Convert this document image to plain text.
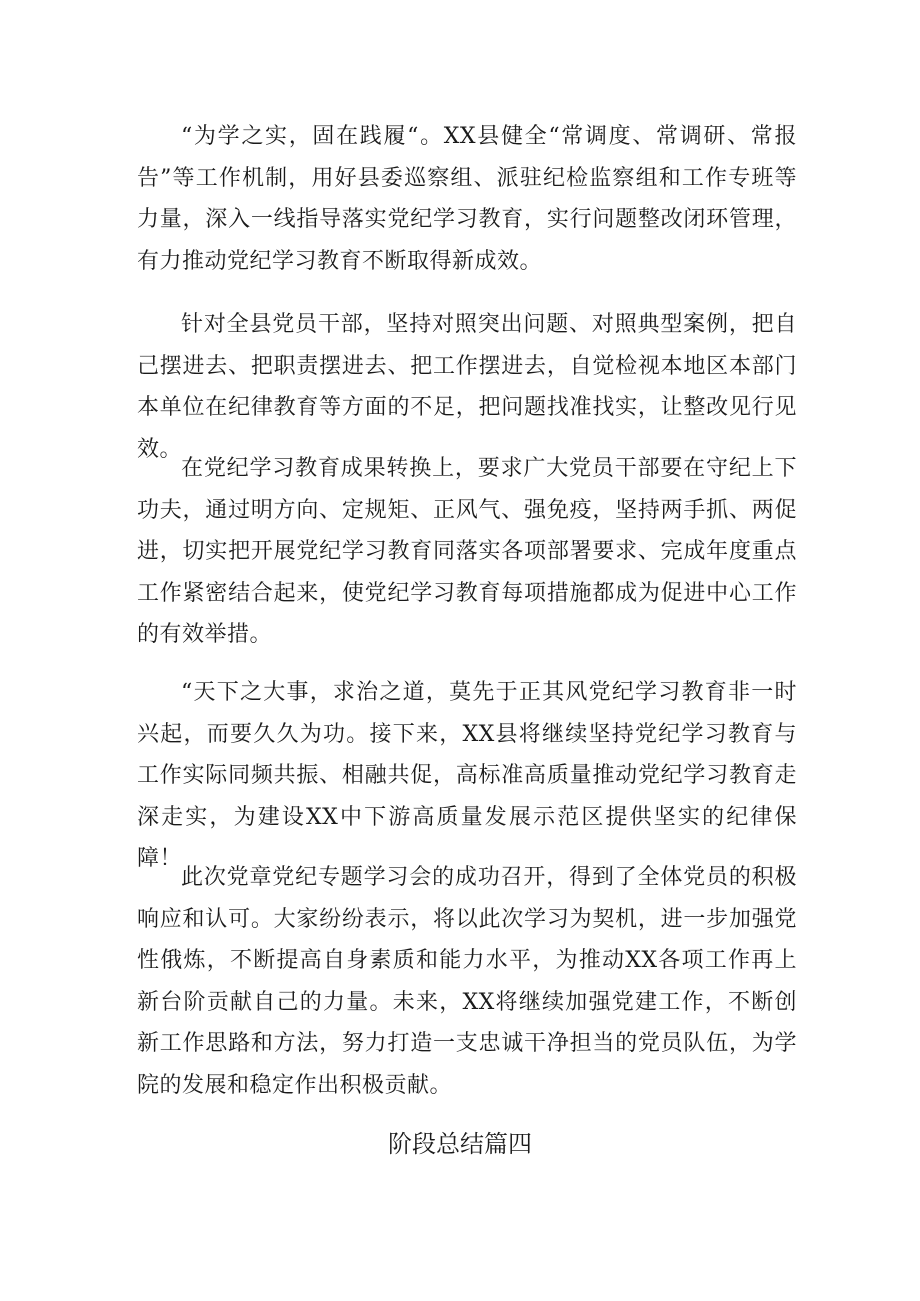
“为学之实，固在践履“。XX县健全“常调度、常调研、常报告”等工作机制，用好县委巡察组、派驻纪检监察组和工作专班等力量，深入一线指导落实党纪学习教育，实行问题整改闭环管理，有力推动党纪学习教育不断取得新成效。

针对全县党员干部，坚持对照突出问题、对照典型案例，把自己摆进去、把职责摆进去、把工作摆进去，自觉检视本地区本部门本单位在纪律教育等方面的不足，把问题找准找实，让整改见行见效。

在党纪学习教育成果转换上，要求广大党员干部要在守纪上下功夫，通过明方向、定规矩、正风气、强免疫，坚持两手抓、两促进，切实把开展党纪学习教育同落实各项部署要求、完成年度重点工作紧密结合起来，使党纪学习教育每项措施都成为促进中心工作的有效举措。

“天下之大事，求治之道，莫先于正其风党纪学习教育非一时兴起，而要久久为功。接下来，XX县将继续坚持党纪学习教育与工作实际同频共振、相融共促，高标准高质量推动党纪学习教育走深走实，为建设XX中下游高质量发展示范区提供坚实的纪律保障！

此次党章党纪专题学习会的成功召开，得到了全体党员的积极响应和认可。大家纷纷表示，将以此次学习为契机，进一步加强党性俄炼，不断提高自身素质和能力水平，为推动XX各项工作再上新台阶贡献自己的力量。未来，XX将继续加强党建工作，不断创新工作思路和方法，努力打造一支忠诚干净担当的党员队伍，为学院的发展和稳定作出积极贡献。

阶段总结篇四
